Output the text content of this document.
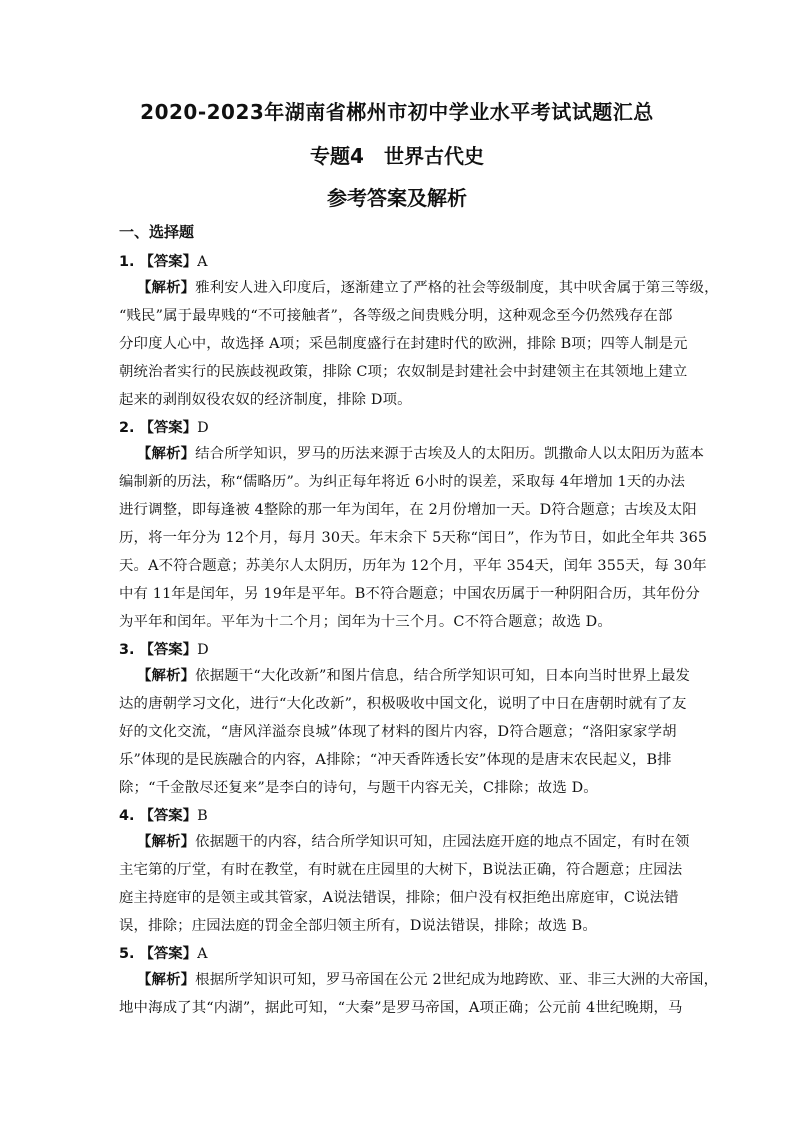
2020-2023年湖南省郴州市初中学业水平考试试题汇总
专题4　世界古代史
参考答案及解析
一、选择题

1. 【答案】A

【解析】雅利安人进入印度后，逐渐建立了严格的社会等级制度，其中吠舍属于第三等级，
“贱民”属于最卑贱的“不可接触者”，各等级之间贵贱分明，这种观念至今仍然残存在部
分印度人心中，故选择 A项；采邑制度盛行在封建时代的欧洲，排除 B项；四等人制是元
朝统治者实行的民族歧视政策，排除 C项；农奴制是封建社会中封建领主在其领地上建立
起来的剥削奴役农奴的经济制度，排除 D项。

2. 【答案】D

【解析】结合所学知识，罗马的历法来源于古埃及人的太阳历。凯撒命人以太阳历为蓝本
编制新的历法，称“儒略历”。为纠正每年将近 6小时的误差，采取每 4年增加 1天的办法
进行调整，即每逢被 4整除的那一年为闰年，在 2月份增加一天。D符合题意；古埃及太阳
历，将一年分为 12个月，每月 30天。年末余下 5天称“闰日”，作为节日，如此全年共 365
天。A不符合题意；苏美尔人太阴历，历年为 12个月，平年 354天，闰年 355天，每 30年
中有 11年是闰年，另 19年是平年。B不符合题意；中国农历属于一种阴阳合历，其年份分
为平年和闰年。平年为十二个月；闰年为十三个月。C不符合题意；故选 D。

3. 【答案】D

【解析】依据题干“大化改新”和图片信息，结合所学知识可知，日本向当时世界上最发
达的唐朝学习文化，进行“大化改新”，积极吸收中国文化，说明了中日在唐朝时就有了友
好的文化交流，“唐风洋溢奈良城”体现了材料的图片内容，D符合题意；“洛阳家家学胡
乐”体现的是民族融合的内容，A排除；“冲天香阵透长安”体现的是唐末农民起义，B排
除；“千金散尽还复来”是李白的诗句，与题干内容无关，C排除；故选 D。

4. 【答案】B

【解析】依据题干的内容，结合所学知识可知，庄园法庭开庭的地点不固定，有时在领
主宅第的厅堂，有时在教堂，有时就在庄园里的大树下，B说法正确，符合题意；庄园法
庭主持庭审的是领主或其管家，A说法错误，排除；佃户没有权拒绝出席庭审，C说法错
误，排除；庄园法庭的罚金全部归领主所有，D说法错误，排除；故选 B。

5. 【答案】A

【解析】根据所学知识可知，罗马帝国在公元 2世纪成为地跨欧、亚、非三大洲的大帝国，
地中海成了其“内湖”，据此可知，“大秦”是罗马帝国，A项正确；公元前 4世纪晚期，马
